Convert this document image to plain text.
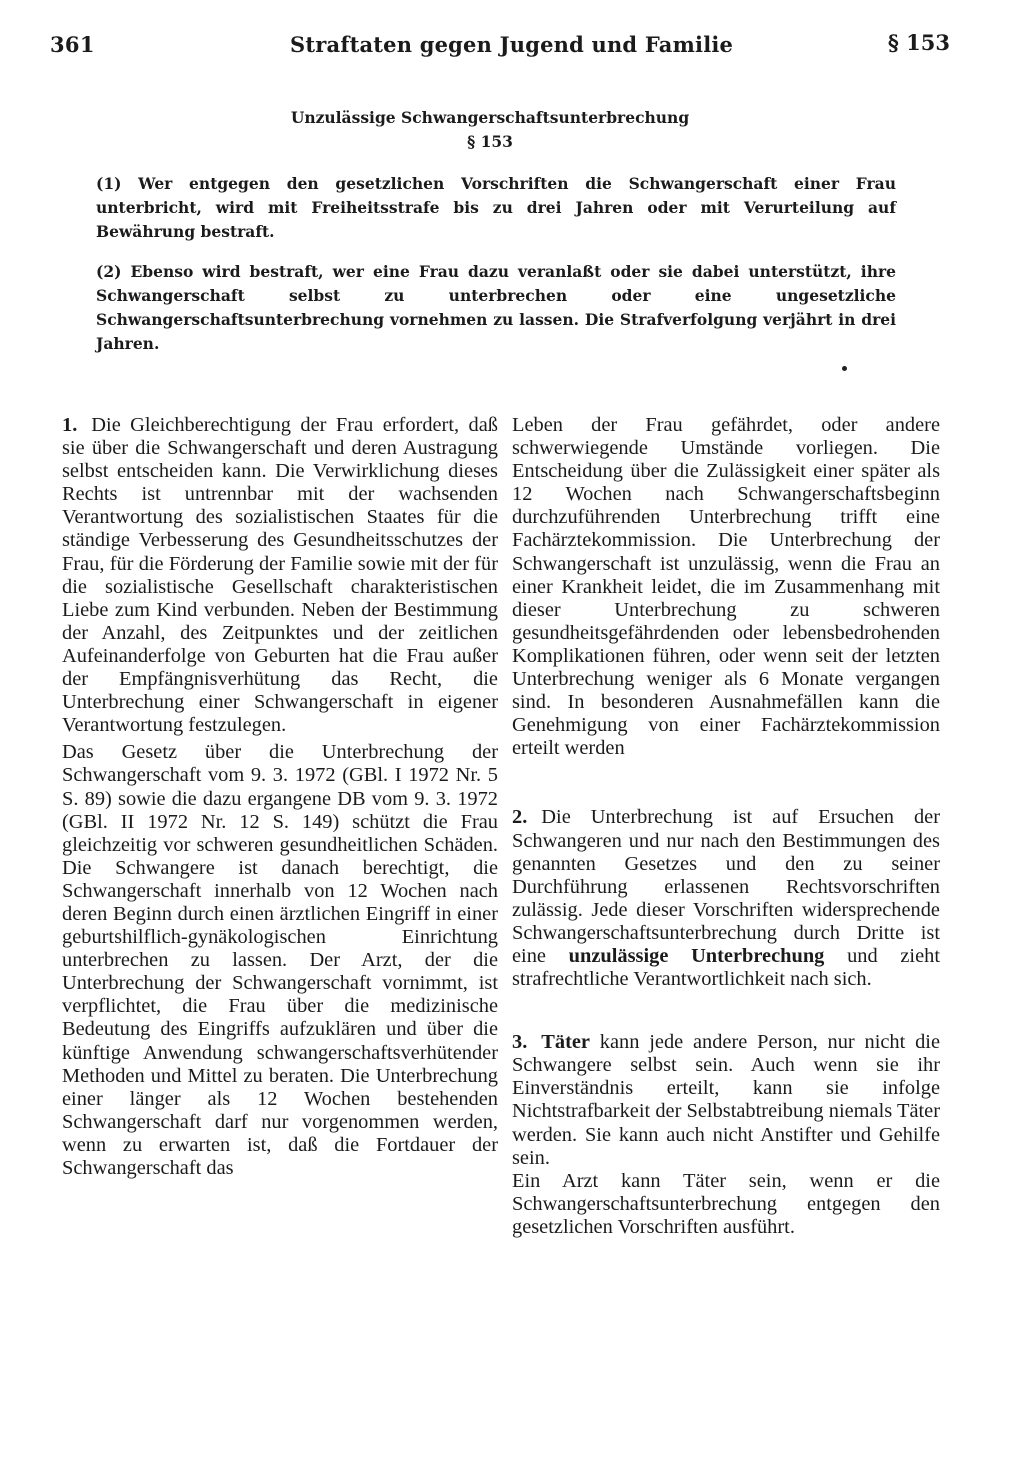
361	Straftaten gegen Jugend und Familie	§ 153
Unzulässige Schwangerschaftsunterbrechung
§ 153

(1) Wer entgegen den gesetzlichen Vorschriften die Schwangerschaft einer Frau unterbricht, wird mit Freiheitsstrafe bis zu drei Jahren oder mit Verurteilung auf Bewährung bestraft.

(2) Ebenso wird bestraft, wer eine Frau dazu veranlaßt oder sie dabei unterstützt, ihre Schwangerschaft selbst zu unterbrechen oder eine ungesetzliche Schwangerschaftsunterbrechung vornehmen zu lassen. Die Strafverfolgung verjährt in drei Jahren.

1. Die Gleichberechtigung der Frau erfordert, daß sie über die Schwangerschaft und deren Austragung selbst entscheiden kann. Die Verwirklichung dieses Rechts ist untrennbar mit der wachsenden Verantwortung des sozialistischen Staates für die ständige Verbesserung des Gesundheitsschutzes der Frau, für die Förderung der Familie sowie mit der für die sozialistische Gesellschaft charakteristischen Liebe zum Kind verbunden. Neben der Bestimmung der Anzahl, des Zeitpunktes und der zeitlichen Aufeinanderfolge von Geburten hat die Frau außer der Empfängnisverhütung das Recht, die Unterbrechung einer Schwangerschaft in eigener Verantwortung festzulegen.

Das Gesetz über die Unterbrechung der Schwangerschaft vom 9. 3. 1972 (GBl. I 1972 Nr. 5 S. 89) sowie die dazu ergangene DB vom 9. 3. 1972 (GBl. II 1972 Nr. 12 S. 149) schützt die Frau gleichzeitig vor schweren gesundheitlichen Schäden. Die Schwangere ist danach berechtigt, die Schwangerschaft innerhalb von 12 Wochen nach deren Beginn durch einen ärztlichen Eingriff in einer geburtshilflich-gynäkologischen Einrichtung unterbrechen zu lassen. Der Arzt, der die Unterbrechung der Schwangerschaft vornimmt, ist verpflichtet, die Frau über die medizinische Bedeutung des Eingriffs aufzuklären und über die künftige Anwendung schwangerschaftsverhütender Methoden und Mittel zu beraten. Die Unterbrechung einer länger als 12 Wochen bestehenden Schwangerschaft darf nur vorgenommen werden, wenn zu erwarten ist, daß die Fortdauer der Schwangerschaft das

Leben der Frau gefährdet, oder andere schwerwiegende Umstände vorliegen. Die Entscheidung über die Zulässigkeit einer später als 12 Wochen nach Schwangerschaftsbeginn durchzuführenden Unterbrechung trifft eine Fachärztekommission. Die Unterbrechung der Schwangerschaft ist unzulässig, wenn die Frau an einer Krankheit leidet, die im Zusammenhang mit dieser Unterbrechung zu schweren gesundheitsgefährdenden oder lebensbedrohenden Komplikationen führen, oder wenn seit der letzten Unterbrechung weniger als 6 Monate vergangen sind. In besonderen Ausnahmefällen kann die Genehmigung von einer Fachärztekommission erteilt werden

2. Die Unterbrechung ist auf Ersuchen der Schwangeren und nur nach den Bestimmungen des genannten Gesetzes und den zu seiner Durchführung erlassenen Rechtsvorschriften zulässig. Jede dieser Vorschriften widersprechende Schwangerschaftsunterbrechung durch Dritte ist eine unzulässige Unterbrechung und zieht strafrechtliche Verantwortlichkeit nach sich.

3. Täter kann jede andere Person, nur nicht die Schwangere selbst sein. Auch wenn sie ihr Einverständnis erteilt, kann sie infolge Nichtstrafbarkeit der Selbstabtreibung niemals Täter werden. Sie kann auch nicht Anstifter und Gehilfe sein.

Ein Arzt kann Täter sein, wenn er die Schwangerschaftsunterbrechung entgegen den gesetzlichen Vorschriften ausführt.
